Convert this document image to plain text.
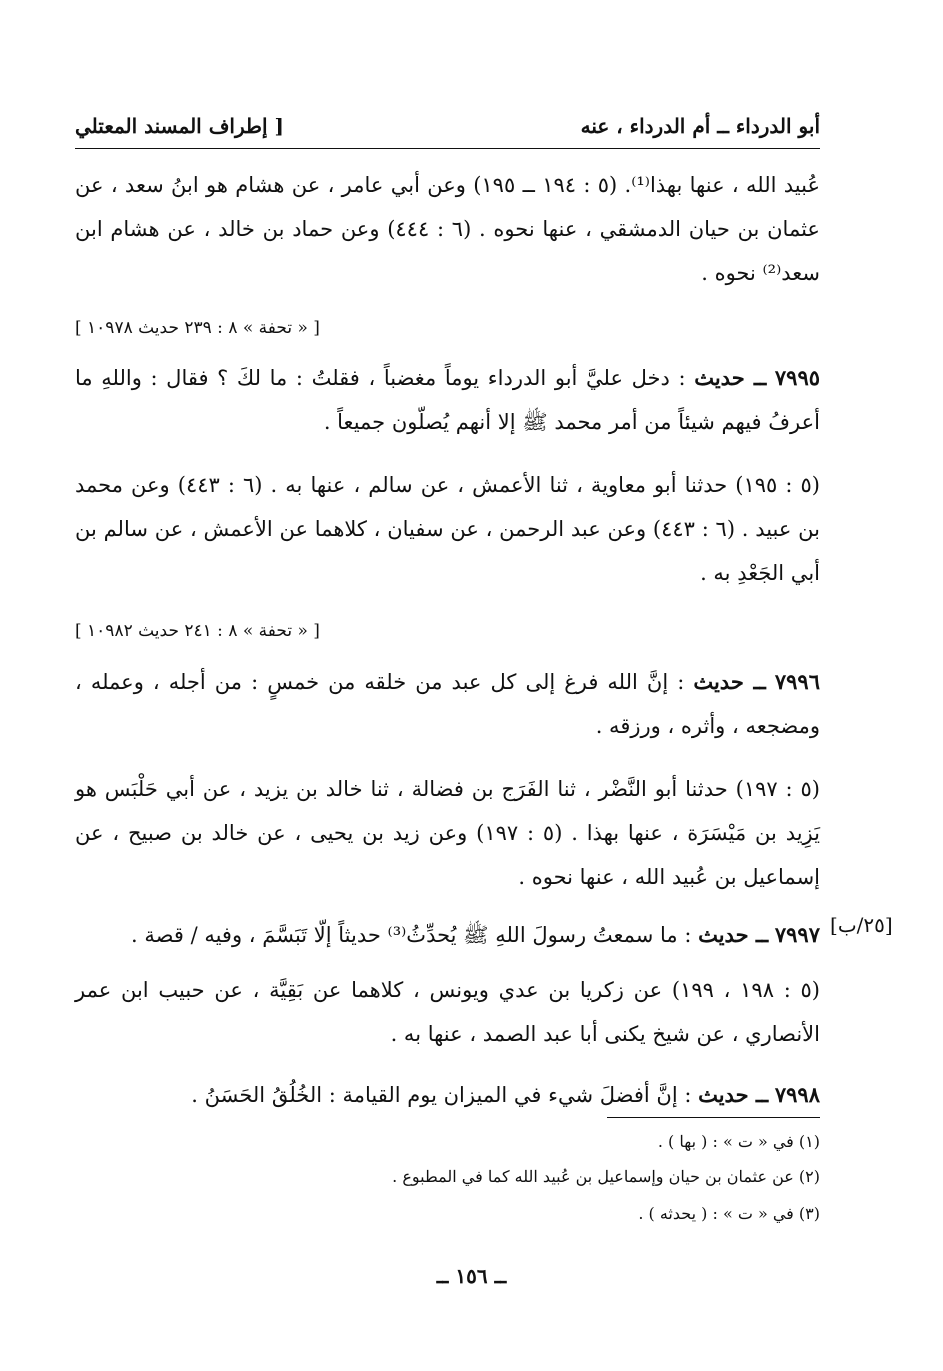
أبو الدرداء ــ أم الدرداء ، عنه
[ إطراف المسند المعتلي
عُبيد الله ، عنها بهذا⁽¹⁾. (٥ : ١٩٤ ــ ١٩٥) وعن أبي عامر ، عن هشام هو ابنُ سعد ، عن عثمان بن حيان الدمشقي ، عنها نحوه . (٦ : ٤٤٤) وعن حماد بن خالد ، عن هشام ابن سعد⁽²⁾ نحوه .
[ « تحفة » ٨ : ٢٣٩ حديث ١٠٩٧٨ ]
٧٩٩٥ ــ حديث : دخل عليَّ أبو الدرداء يوماً مغضباً ، فقلتُ : ما لكَ ؟ فقال : واللهِ ما أعرفُ فيهم شيئاً من أمر محمد ﷺ إلا أنهم يُصلّون جميعاً .
(٥ : ١٩٥) حدثنا أبو معاوية ، ثنا الأعمش ، عن سالم ، عنها به . (٦ : ٤٤٣) وعن محمد بن عبيد . (٦ : ٤٤٣) وعن عبد الرحمن ، عن سفيان ، كلاهما عن الأعمش ، عن سالم بن أبي الجَعْدِ به .
[ « تحفة » ٨ : ٢٤١ حديث ١٠٩٨٢ ]
٧٩٩٦ ــ حديث : إنَّ الله فرغ إلى كل عبد من خلقه من خمسٍ : من أجله ، وعمله ، ومضجعه ، وأثره ، ورزقه .
(٥ : ١٩٧) حدثنا أبو النَّضْر ، ثنا الفَرَج بن فضالة ، ثنا خالد بن يزيد ، عن أبي حَلْبَس هو يَزِيد بن مَيْسَرَة ، عنها بهذا . (٥ : ١٩٧) وعن زيد بن يحيى ، عن خالد بن صبيح ، عن إسماعيل بن عُبيد الله ، عنها نحوه .
[٢٥/ب]
٧٩٩٧ ــ حديث : ما سمعتُ رسولَ اللهِ ﷺ يُحدِّثُ⁽³⁾ حديثاً إلّا تَبَسَّمَ ، وفيه / قصة .
(٥ : ١٩٨ ، ١٩٩) عن زكريا بن عدي ويونس ، كلاهما عن بَقِيَّة ، عن حبيب ابن عمر الأنصاري ، عن شيخ يكنى أبا عبد الصمد ، عنها به .
٧٩٩٨ ــ حديث : إنَّ أفضلَ شيء في الميزان يوم القيامة : الخُلُقُ الحَسَنُ .
(١) في « ت » : ( بها ) .
(٢) عن عثمان بن حيان وإسماعيل بن عُبيد الله كما في المطبوع .
(٣) في « ت » : ( يحدثه ) .
ــ ١٥٦ ــ
